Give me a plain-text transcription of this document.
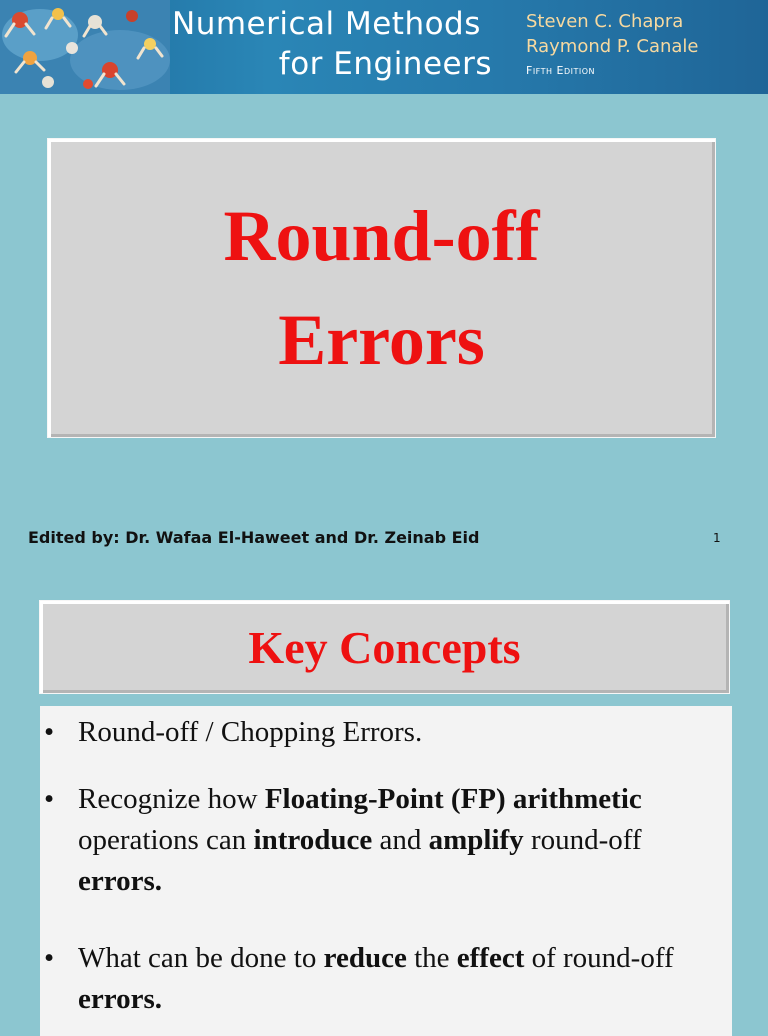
Numerical Methods
for Engineers
Steven C. Chapra
Raymond P. Canale
Fifth Edition
Round-off
Errors
Edited by: Dr. Wafaa El-Haweet and Dr. Zeinab Eid	1
Key Concepts
• Round-off / Chopping Errors.
• Recognize how Floating-Point (FP) arithmetic operations can introduce and amplify round-off errors.
• What can be done to reduce the effect of round-off errors.
